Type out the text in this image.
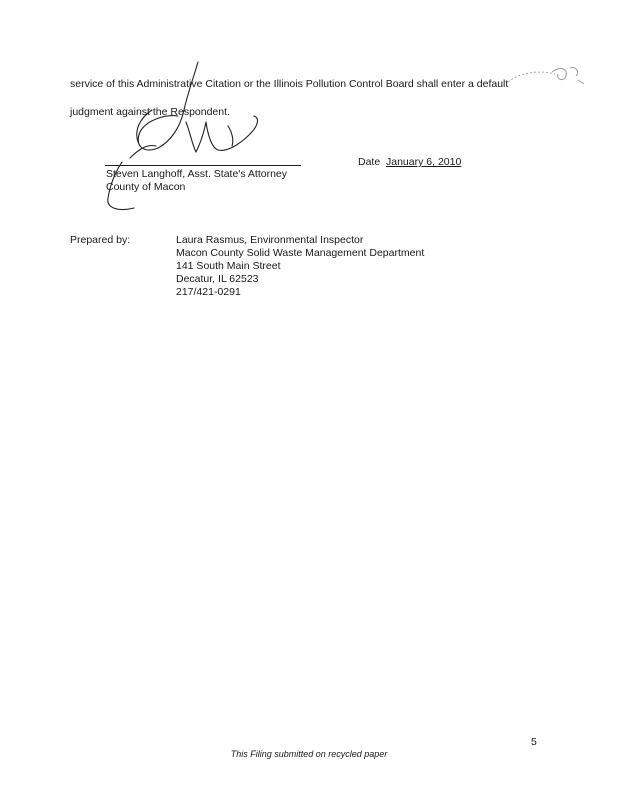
service of this Administrative Citation or the Illinois Pollution Control Board shall enter a default
judgment against the Respondent.
Steven Langhoff, Asst. State's Attorney
County of Macon
Date January 6, 2010
Prepared by:	Laura Rasmus, Environmental Inspector
Macon County Solid Waste Management Department
141 South Main Street
Decatur, IL 62523
217/421-0291
5
This Filing submitted on recycled paper
